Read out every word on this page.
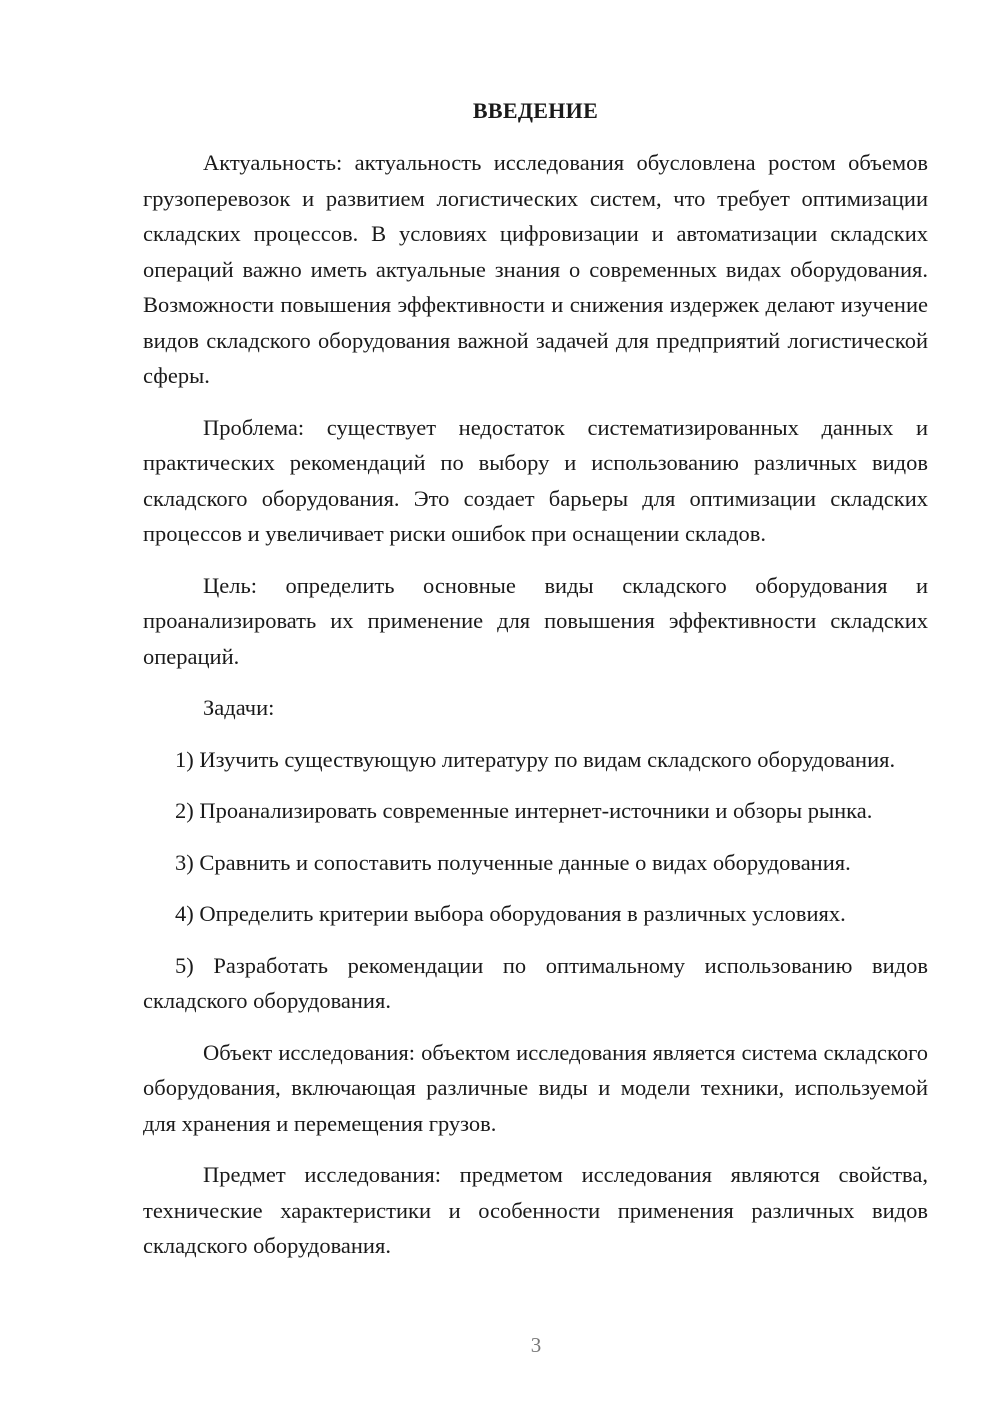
ВВЕДЕНИЕ

Актуальность: актуальность исследования обусловлена ростом объемов грузоперевозок и развитием логистических систем, что требует оптимизации складских процессов. В условиях цифровизации и автоматизации складских операций важно иметь актуальные знания о современных видах оборудования. Возможности повышения эффективности и снижения издержек делают изучение видов складского оборудования важной задачей для предприятий логистической сферы.

Проблема: существует недостаток систематизированных данных и практических рекомендаций по выбору и использованию различных видов складского оборудования. Это создает барьеры для оптимизации складских процессов и увеличивает риски ошибок при оснащении складов.

Цель: определить основные виды складского оборудования и проанализировать их применение для повышения эффективности складских операций.

Задачи:

1) Изучить существующую литературу по видам складского оборудования.

2) Проанализировать современные интернет-источники и обзоры рынка.

3) Сравнить и сопоставить полученные данные о видах оборудования.

4) Определить критерии выбора оборудования в различных условиях.

5) Разработать рекомендации по оптимальному использованию видов складского оборудования.

Объект исследования: объектом исследования является система складского оборудования, включающая различные виды и модели техники, используемой для хранения и перемещения грузов.

Предмет исследования: предметом исследования являются свойства, технические характеристики и особенности применения различных видов складского оборудования.

3
